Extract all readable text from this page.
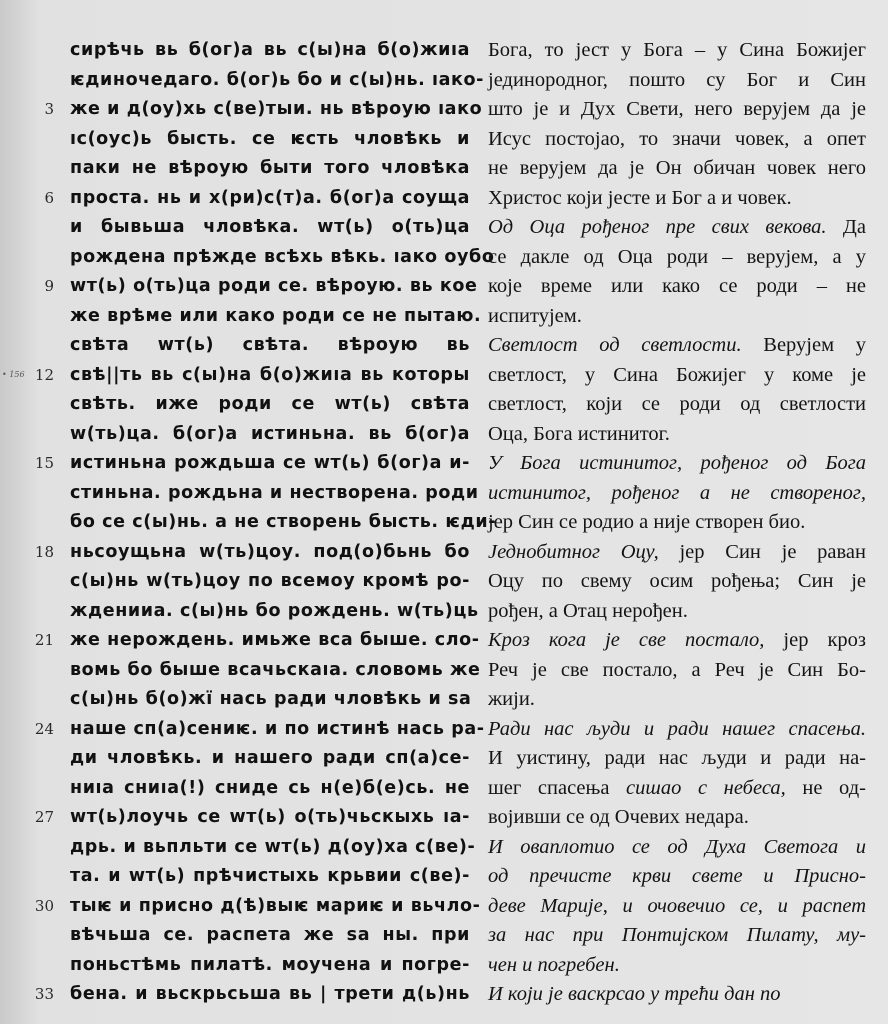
3
6
9
12
15
18
21
24
27
30
33
• 156
сирѣчь вь б(ог)а вь с(ы)на б(о)жиıа
ѥдиночедаго. б(ог)ь бо и с(ы)нь. ıако-
же и д(оу)хь с(ве)тыи. нь вѣроую ıако
ıс(оус)ь бысть. се ѥсть чловѣкь и
паки не вѣроую быти того чловѣка
проста. нь и х(ри)с(т)а. б(ог)а соуща
и бывьша чловѣка. wт(ь) о(ть)ца
рождена прѣжде всѣхь вѣкь. ıако оубо
wт(ь) о(ть)ца роди се. вѣроую. вь кое
же врѣме или како роди се не пытаю.
свѣта wт(ь) свѣта. вѣроую вь
свѣ||ть вь с(ы)на б(о)жиıа вь которы
свѣть. иже роди се wт(ь) свѣта
w(ть)ца. б(ог)а истиньна. вь б(ог)а
истиньна рождьша се wт(ь) б(ог)а и-
стиньна. рождьна и нестворена. роди
бо се с(ы)нь. а не створень бысть. ѥди-
ньсоущьна w(ть)цоу. под(о)бьнь бо
с(ы)нь w(ть)цоу по всемоу кромѣ ро-
жденииа. с(ы)нь бо рождень. w(ть)ць
же нерождень. имьже вса быше. сло-
вомь бо быше всачьскаıа. словомь же
с(ы)нь б(о)жї нась ради чловѣкь и ѕа
наше сп(а)сениѥ. и по истинѣ нась ра-
ди чловѣкь. и нашего ради сп(а)се-
ниıа сниıа(!) сниде сь н(е)б(е)сь. не
wт(ь)лоучь се wт(ь) о(ть)чьскыхь ıа-
дрь. и вьпльти се wт(ь) д(оу)ха с(ве)-
та. и wт(ь) прѣчистыхь крьвии с(ве)-
тыѥ и присно д(ѣ)выѥ мариѥ и вьчло-
вѣчьша се. распета же ѕа ны. при
поньстѣмь пилатѣ. моучена и погре-
бена. и вьскрьсьша вь | трети д(ь)нь
Бога, то јест у Бога – у Сина Божијег
јединородног, пошто су Бог и Син
што је и Дух Свети, него верујем да је
Исус постојао, то значи човек, а опет
не верујем да је Он обичан човек него
Христос који јесте и Бог а и човек.
Од Оца рођеног пре свих векова. Да
се дакле од Оца роди – верујем, а у
које време или како се роди – не
испитујем.
Светлост од светлости. Верујем у
светлост, у Сина Божијег у коме је
светлост, који се роди од светлости
Оца, Бога истинитог.
У Бога истинитог, рођеног од Бога
истинитог, рођеног а не створеног,
јер Син се родио а није створен био.
Једнобитног Оцу, јер Син је раван
Оцу по свему осим рођења; Син је
рођен, а Отац нерођен.
Кроз кога је све постало, јер кроз
Реч је све постало, а Реч је Син Бо-
жији.
Ради нас људи и ради нашег спасења.
И уистину, ради нас људи и ради на-
шег спасења сишао с небеса, не од-
војивши се од Очевих недара.
И оваплотио се од Духа Светога и
од пречисте крви свете и Присно-
деве Марије, и очовечио се, и распет
за нас при Понтијском Пилату, му-
чен и погребен.
И који је васкрсао у трећи дан по
